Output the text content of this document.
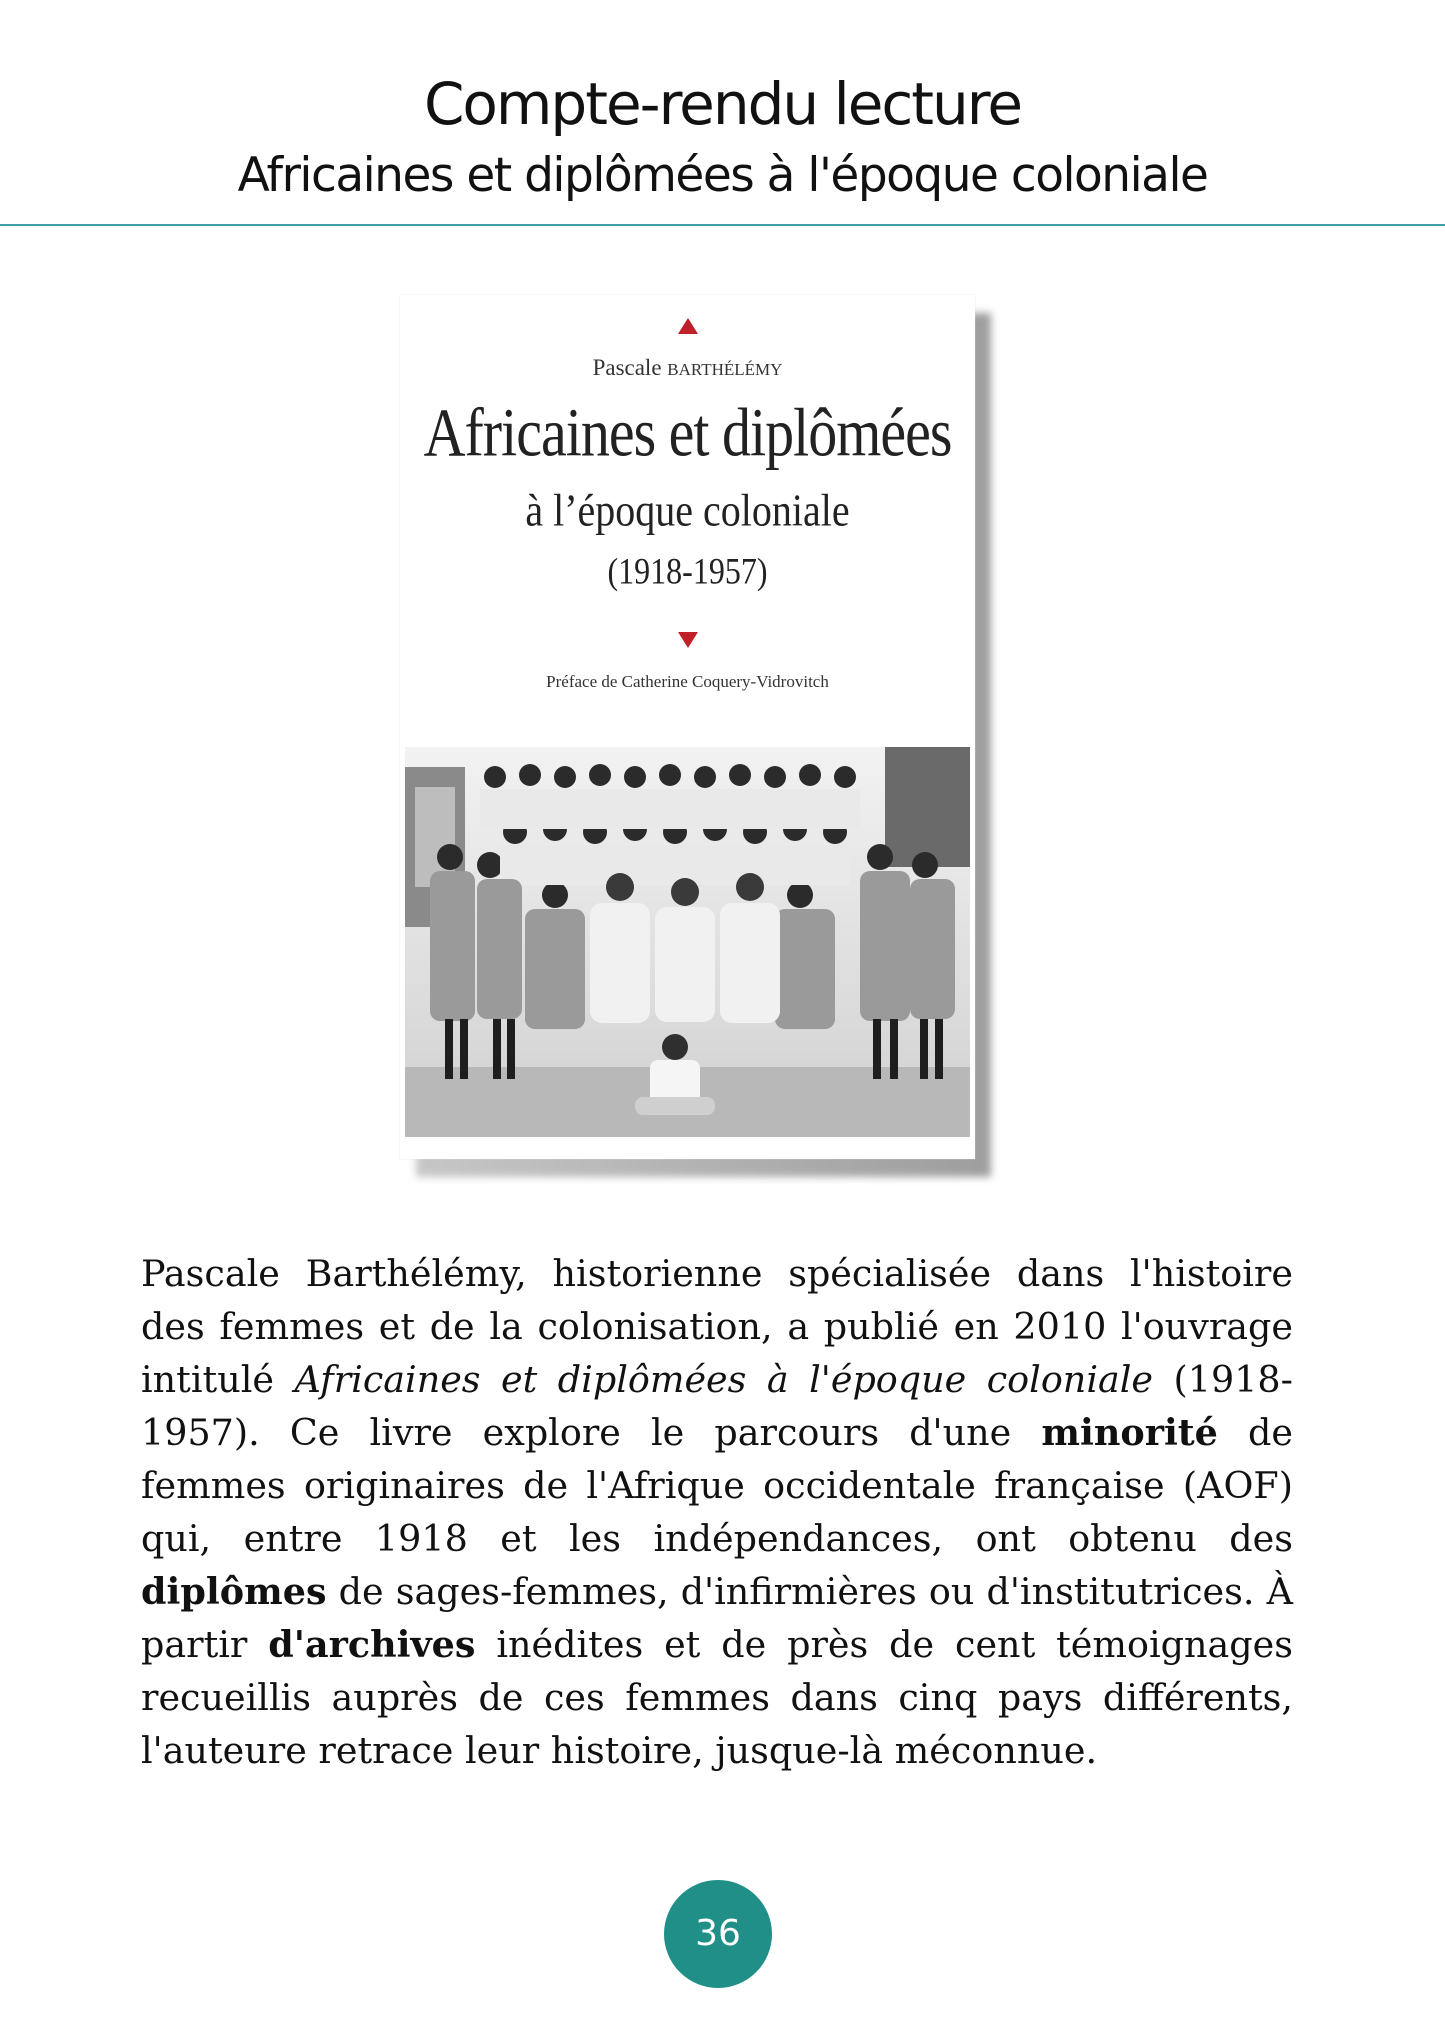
Compte-rendu lecture
Africaines et diplômées à l'époque coloniale
Pascale BARTHÉLÉMY
Africaines et diplômées
à l’époque coloniale
(1918-1957)
Préface de Catherine Coquery-Vidrovitch
Pascale Barthélémy, historienne spécialisée dans l'histoire des femmes et de la colonisation, a publié en 2010 l'ouvrage intitulé Africaines et diplômées à l'époque coloniale (1918-1957). Ce livre explore le parcours d'une minorité de femmes originaires de l'Afrique occidentale française (AOF) qui, entre 1918 et les indépendances, ont obtenu des diplômes de sages-femmes, d'infirmières ou d'institutrices. À partir d'archives inédites et de près de cent témoignages recueillis auprès de ces femmes dans cinq pays différents, l'auteure retrace leur histoire, jusque-là méconnue.
36
